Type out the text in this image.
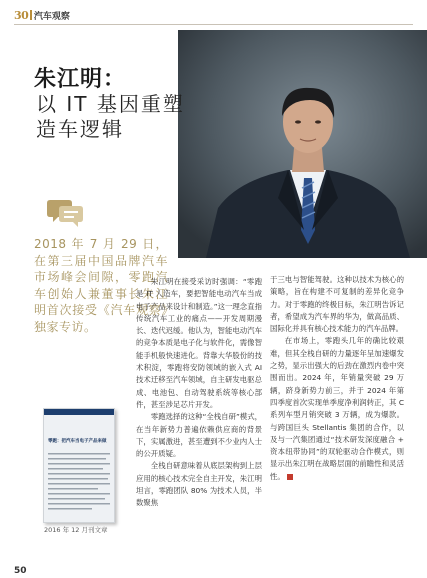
30 汽车观察
朱江明：
以 IT 基因重塑
造车逻辑
2018 年 7 月 29 日，在第三届中国品牌汽车市场峰会间隙，零跑汽车创始人兼董事长朱江明首次接受《汽车观察》独家专访。
零跑：把汽车当电子产品来做
2016 年 12 月刊文章

朱江明在接受采访时强调：“零跑是 IT 人造车，要把智能电动汽车当成电子产品来设计和制造。”这一理念直指传统汽车工业的痛点——开发周期漫长、迭代迟缓。他认为，智能电动汽车的竞争本质是电子化与软件化，需像智能手机般快速进化。背靠大华股份的技术积淀，零跑将安防领域的嵌入式 AI 技术迁移至汽车领域，自主研发电驱总成、电池包、自动驾驶系统等核心部件，甚至涉足芯片开发。

零跑选择的这种“全栈自研”模式，在当年新势力普遍依赖供应商的背景下，实属激进，甚至遭到不少业内人士的公开质疑。

全栈自研意味着从底层架构到上层应用的核心技术完全自主开发，朱江明坦言，零跑团队 80% 为技术人员，半数聚焦

于三电与智能驾驶。这种以技术为核心的策略，旨在构建不可复制的差异化竞争力。对于零跑的终极目标，朱江明告诉记者，希望成为汽车界的华为，做高品质、国际化并具有核心技术能力的汽车品牌。

在市场上，零跑头几年的确比较艰难，但其全栈自研的力量逐年呈加速爆发之势，显示出强大的后劲在激烈内卷中突围而出。2024 年，年销量突破 29 万辆，跻身新势力前三，并于 2024 年第四季度首次实现单季度净利润转正，其 C 系列车型月销突破 3 万辆，成为爆款。与跨国巨头 Stellantis 集团的合作，以及与一汽集团通过“技术研发深度融合 + 资本纽带协同”的双轮驱动合作模式，则显示出朱江明在战略层面的前瞻性和灵活性。

50
